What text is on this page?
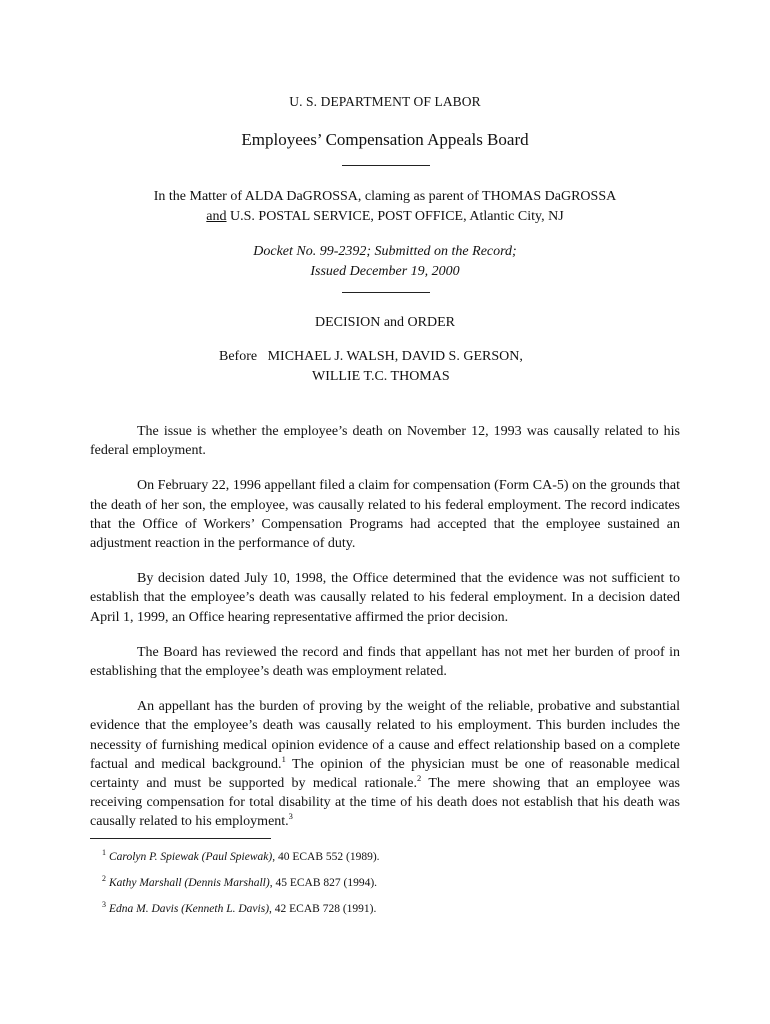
U. S. DEPARTMENT OF LABOR
Employees’ Compensation Appeals Board
In the Matter of ALDA DaGROSSA, claming as parent of THOMAS DaGROSSA
and U.S. POSTAL SERVICE, POST OFFICE, Atlantic City, NJ
Docket No. 99-2392; Submitted on the Record;
Issued December 19, 2000
DECISION and ORDER
Before   MICHAEL J. WALSH, DAVID S. GERSON,
WILLIE T.C. THOMAS

The issue is whether the employee’s death on November 12, 1993 was causally related to his federal employment.

On February 22, 1996 appellant filed a claim for compensation (Form CA-5) on the grounds that the death of her son, the employee, was causally related to his federal employment. The record indicates that the Office of Workers’ Compensation Programs had accepted that the employee sustained an adjustment reaction in the performance of duty.

By decision dated July 10, 1998, the Office determined that the evidence was not sufficient to establish that the employee’s death was causally related to his federal employment. In a decision dated April 1, 1999, an Office hearing representative affirmed the prior decision.

The Board has reviewed the record and finds that appellant has not met her burden of proof in establishing that the employee’s death was employment related.

An appellant has the burden of proving by the weight of the reliable, probative and substantial evidence that the employee’s death was causally related to his employment. This burden includes the necessity of furnishing medical opinion evidence of a cause and effect relationship based on a complete factual and medical background.$^1$ The opinion of the physician must be one of reasonable medical certainty and must be supported by medical rationale.$^2$ The mere showing that an employee was receiving compensation for total disability at the time of his death does not establish that his death was causally related to his employment.$^3$

$^1$ Carolyn P. Spiewak (Paul Spiewak), 40 ECAB 552 (1989).
$^2$ Kathy Marshall (Dennis Marshall), 45 ECAB 827 (1994).
$^3$ Edna M. Davis (Kenneth L. Davis), 42 ECAB 728 (1991).
